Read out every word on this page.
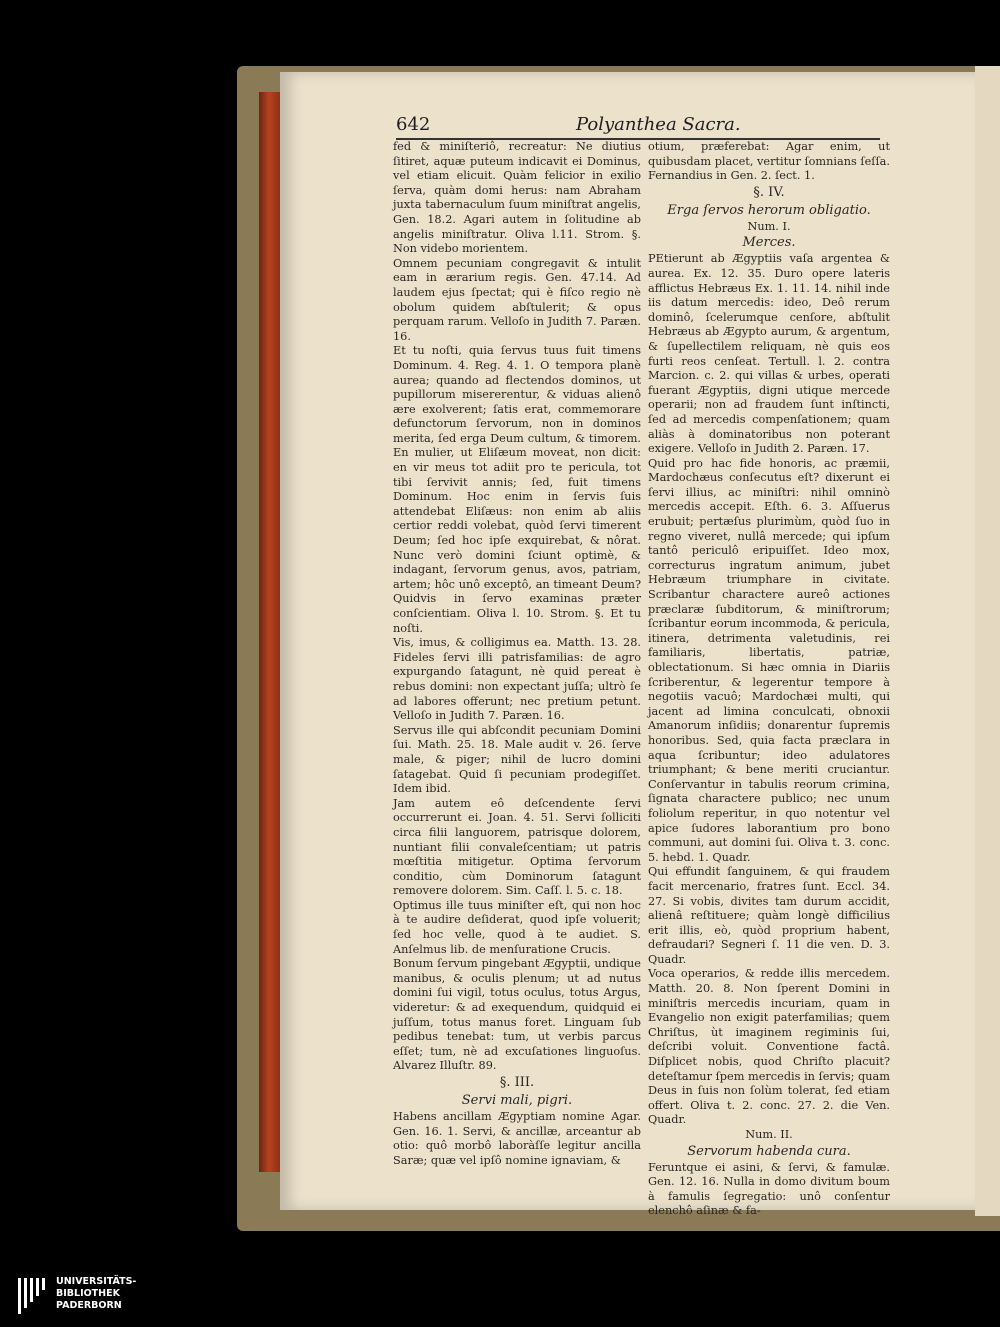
642	Polyanthea Sacra.

fed & miniſteriô, recreatur: Ne diutius ſitiret, aquæ puteum indicavit ei Dominus, vel etiam elicuit. Quàm felicior in exilio ſerva, quàm domi herus: nam Abraham juxta tabernaculum ſuum miniſtrat angelis, Gen. 18.2. Agari autem in ſolitudine ab angelis miniſtratur. Oliva l.11. Strom. §. Non videbo morientem.

Omnem pecuniam congregavit & intulit eam in ærarium regis. Gen. 47.14. Ad laudem ejus ſpectat; qui è fiſco regio nè obolum quidem abſtulerit; & opus perquam rarum. Velloſo in Judith 7. Paræn. 16.

Et tu noſti, quia ſervus tuus fuit timens Dominum. 4. Reg. 4. 1. O tempora planè aurea; quando ad flectendos dominos, ut pupillorum misererentur, & viduas alienô ære exolverent; ſatis erat, commemorare defunctorum ſervorum, non in dominos merita, ſed erga Deum cultum, & timorem. En mulier, ut Eliſæum moveat, non dicit: en vir meus tot adiit pro te pericula, tot tibi ſervivit annis; ſed, fuit timens Dominum. Hoc enim in ſervis ſuis attendebat Eliſæus: non enim ab aliis certior reddi volebat, quòd ſervi timerent Deum; ſed hoc ipſe exquirebat, & nôrat. Nunc verò domini ſciunt optimè, & indagant, ſervorum genus, avos, patriam, artem; hôc unô exceptô, an timeant Deum? Quidvis in ſervo examinas præter conſcientiam. Oliva l. 10. Strom. §. Et tu noſti.

Vis, imus, & colligimus ea. Matth. 13. 28. Fideles ſervi illi patrisfamilias: de agro expurgando ſatagunt, nè quid pereat è rebus domini: non expectant juſſa; ultrò ſe ad labores offerunt; nec pretium petunt. Velloſo in Judith 7. Paræn. 16.

Servus ille qui abſcondit pecuniam Domini ſui. Math. 25. 18. Male audit v. 26. ſerve male, & piger; nihil de lucro domini ſatagebat. Quid ſi pecuniam prodegiſſet. Idem ibid.

Jam autem eô deſcendente ſervi occurrerunt ei. Joan. 4. 51. Servi ſolliciti circa filii languorem, patrisque dolorem, nuntiant filii convaleſcentiam; ut patris mœſtitia mitigetur. Optima ſervorum conditio, cùm Dominorum ſatagunt removere dolorem. Sim. Caſſ. l. 5. c. 18.

Optimus ille tuus miniſter eſt, qui non hoc à te audire deſiderat, quod ipſe voluerit; ſed hoc velle, quod à te audiet. S. Anſelmus lib. de menſuratione Crucis.

Bonum ſervum pingebant Ægyptii, undique manibus, & oculis plenum; ut ad nutus domini ſui vigil, totus oculus, totus Argus, videretur: & ad exequendum, quidquid ei juſſum, totus manus foret. Linguam ſub pedibus tenebat: tum, ut verbis parcus eſſet; tum, nè ad excuſationes linguoſus. Alvarez Illuſtr. 89.

§. III.

Servi mali, pigri.

Habens ancillam Ægyptiam nomine Agar. Gen. 16. 1. Servi, & ancillæ, arceantur ab otio: quô morbô laboràſſe legitur ancilla Saræ; quæ vel ipſô nomine ignaviam, &

otium, præferebat: Agar enim, ut quibusdam placet, vertitur ſomnians ſeſſa. Fernandius in Gen. 2. ſect. 1.

§. IV.

Erga ſervos herorum obligatio.

Num. I.

Merces.

PEtierunt ab Ægyptiis vaſa argentea & aurea. Ex. 12. 35. Duro opere lateris afflictus Hebræus Ex. 1. 11. 14. nihil inde iis datum mercedis: ideo, Deô rerum dominô, ſcelerumque cenſore, abſtulit Hebræus ab Ægypto aurum, & argentum, & ſupellectilem reliquam, nè quis eos furti reos cenſeat. Tertull. l. 2. contra Marcion. c. 2. qui villas & urbes, operati fuerant Ægyptiis, digni utique mercede operarii; non ad fraudem ſunt inſtincti, ſed ad mercedis compenſationem; quam aliàs à dominatoribus non poterant exigere. Velloſo in Judith 2. Paræn. 17.

Quid pro hac fide honoris, ac præmii, Mardochæus conſecutus eſt? dixerunt ei ſervi illius, ac miniſtri: nihil omninò mercedis accepit. Eſth. 6. 3. Aſſuerus erubuit; pertæſus plurimùm, quòd ſuo in regno viveret, nullâ mercede; qui ipſum tantô periculô eripuiſſet. Ideo mox, correcturus ingratum animum, jubet Hebræum triumphare in civitate. Scribantur charactere aureô actiones præclaræ ſubditorum, & miniſtrorum; ſcribantur eorum incommoda, & pericula, itinera, detrimenta valetudinis, rei familiaris, libertatis, patriæ, oblectationum. Si hæc omnia in Diariis ſcriberentur, & legerentur tempore à negotiis vacuô; Mardochæi multi, qui jacent ad limina conculcati, obnoxii Amanorum inſidiis; donarentur ſupremis honoribus. Sed, quia facta præclara in aqua ſcribuntur; ideo adulatores triumphant; & bene meriti cruciantur. Conſervantur in tabulis reorum crimina, ſignata charactere publico; nec unum foliolum reperitur, in quo notentur vel apice ſudores laborantium pro bono communi, aut domini ſui. Oliva t. 3. conc. 5. hebd. 1. Quadr.

Qui effundit ſanguinem, & qui fraudem facit mercenario, fratres ſunt. Eccl. 34. 27. Si vobis, divites tam durum accidit, alienâ reſtituere; quàm longè difficilius erit illis, eò, quòd proprium habent, defraudari? Segneri ſ. 11 die ven. D. 3. Quadr.

Voca operarios, & redde illis mercedem. Matth. 20. 8. Non ſperent Domini in miniſtris mercedis incuriam, quam in Evangelio non exigit paterfamilias; quem Chriſtus, ùt imaginem regiminis ſui, deſcribi voluit. Conventione factâ. Diſplicet nobis, quod Chriſto placuit? deteſtamur ſpem mercedis in ſervis; quam Deus in ſuis non ſolùm tolerat, ſed etiam offert. Oliva t. 2. conc. 27. 2. die Ven. Quadr.

Num. II.

Servorum habenda cura.

Feruntque ei asini, & ſervi, & famulæ. Gen. 12. 16. Nulla in domo divitum boum à famulis ſegregatio: unô conſentur elenchô aſinæ & fa-

UNIVERSITÄTS-
BIBLIOTHEK
PADERBORN
